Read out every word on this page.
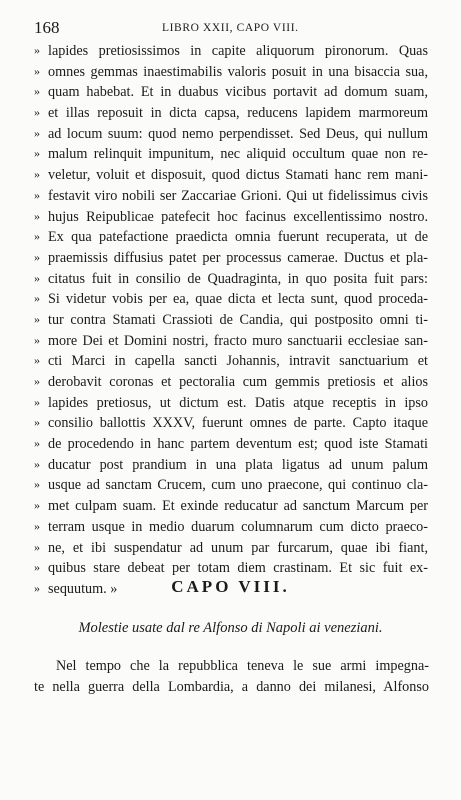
168	LIBRO XXII, CAPO VIII.
» lapides pretiosissimos in capite aliquorum pironorum. Quas
» omnes gemmas inaestimabilis valoris posuit in una bisaccia sua,
» quam habebat. Et in duabus vicibus portavit ad domum suam,
» et illas reposuit in dicta capsa, reducens lapidem marmoreum
» ad locum suum: quod nemo perpendisset. Sed Deus, qui nullum
» malum relinquit impunitum, nec aliquid occultum quae non re-
» veletur, voluit et disposuit, quod dictus Stamati hanc rem mani-
» festavit viro nobili ser Zaccariae Grioni. Qui ut fidelissimus civis
» hujus Reipublicae patefecit hoc facinus excellentissimo nostro.
» Ex qua patefactione praedicta omnia fuerunt recuperata, ut de
» praemissis diffusius patet per processus camerae. Ductus et pla-
» citatus fuit in consilio de Quadraginta, in quo posita fuit pars:
» Si videtur vobis per ea, quae dicta et lecta sunt, quod proceda-
» tur contra Stamati Crassioti de Candia, qui postposito omni ti-
» more Dei et Domini nostri, fracto muro sanctuarii ecclesiae san-
» cti Marci in capella sancti Johannis, intravit sanctuarium et
» derobavit coronas et pectoralia cum gemmis pretiosis et alios
» lapides pretiosus, ut dictum est. Datis atque receptis in ipso
» consilio ballottis XXXV, fuerunt omnes de parte. Capto itaque
» de procedendo in hanc partem deventum est; quod iste Stamati
» ducatur post prandium in una plata ligatus ad unum palum
» usque ad sanctam Crucem, cum uno praecone, qui continuo cla-
» met culpam suam. Et exinde reducatur ad sanctum Marcum per
» terram usque in medio duarum columnarum cum dicto praeco-
» ne, et ibi suspendatur ad unum par furcarum, quae ibi fiant,
» quibus stare debeat per totam diem crastinam. Et sic fuit ex-
» sequutum. »	CAPO VIII.
Molestie usate dal re Alfonso di Napoli ai veneziani.
Nel tempo che la repubblica teneva le sue armi impegna-
te nella guerra della Lombardia, a danno dei milanesi, Alfonso
